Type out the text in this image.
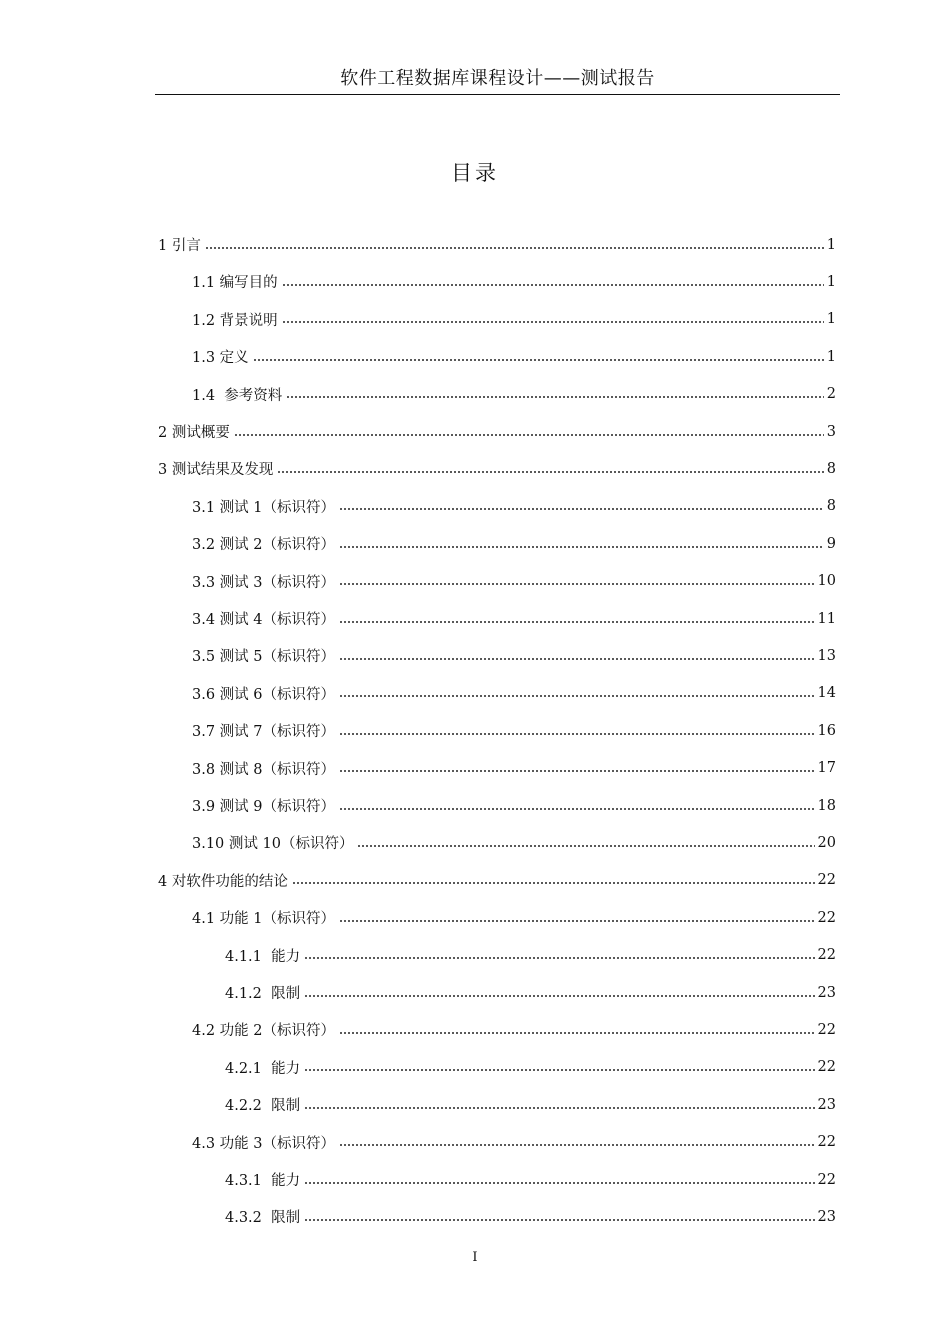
软件工程数据库课程设计——测试报告
目录
1 引言	1
1.1 编写目的	1
1.2 背景说明	1
1.3 定义	1
1.4  参考资料	2
2 测试概要	3
3 测试结果及发现	8
3.1 测试 1（标识符）	8
3.2 测试 2（标识符）	9
3.3 测试 3（标识符）	10
3.4 测试 4（标识符）	11
3.5 测试 5（标识符）	13
3.6 测试 6（标识符）	14
3.7 测试 7（标识符）	16
3.8 测试 8（标识符）	17
3.9 测试 9（标识符）	18
3.10 测试 10（标识符）	20
4 对软件功能的结论	22
4.1 功能 1（标识符）	22
4.1.1  能力	22
4.1.2  限制	23
4.2 功能 2（标识符）	22
4.2.1  能力	22
4.2.2  限制	23
4.3 功能 3（标识符）	22
4.3.1  能力	22
4.3.2  限制	23
I
